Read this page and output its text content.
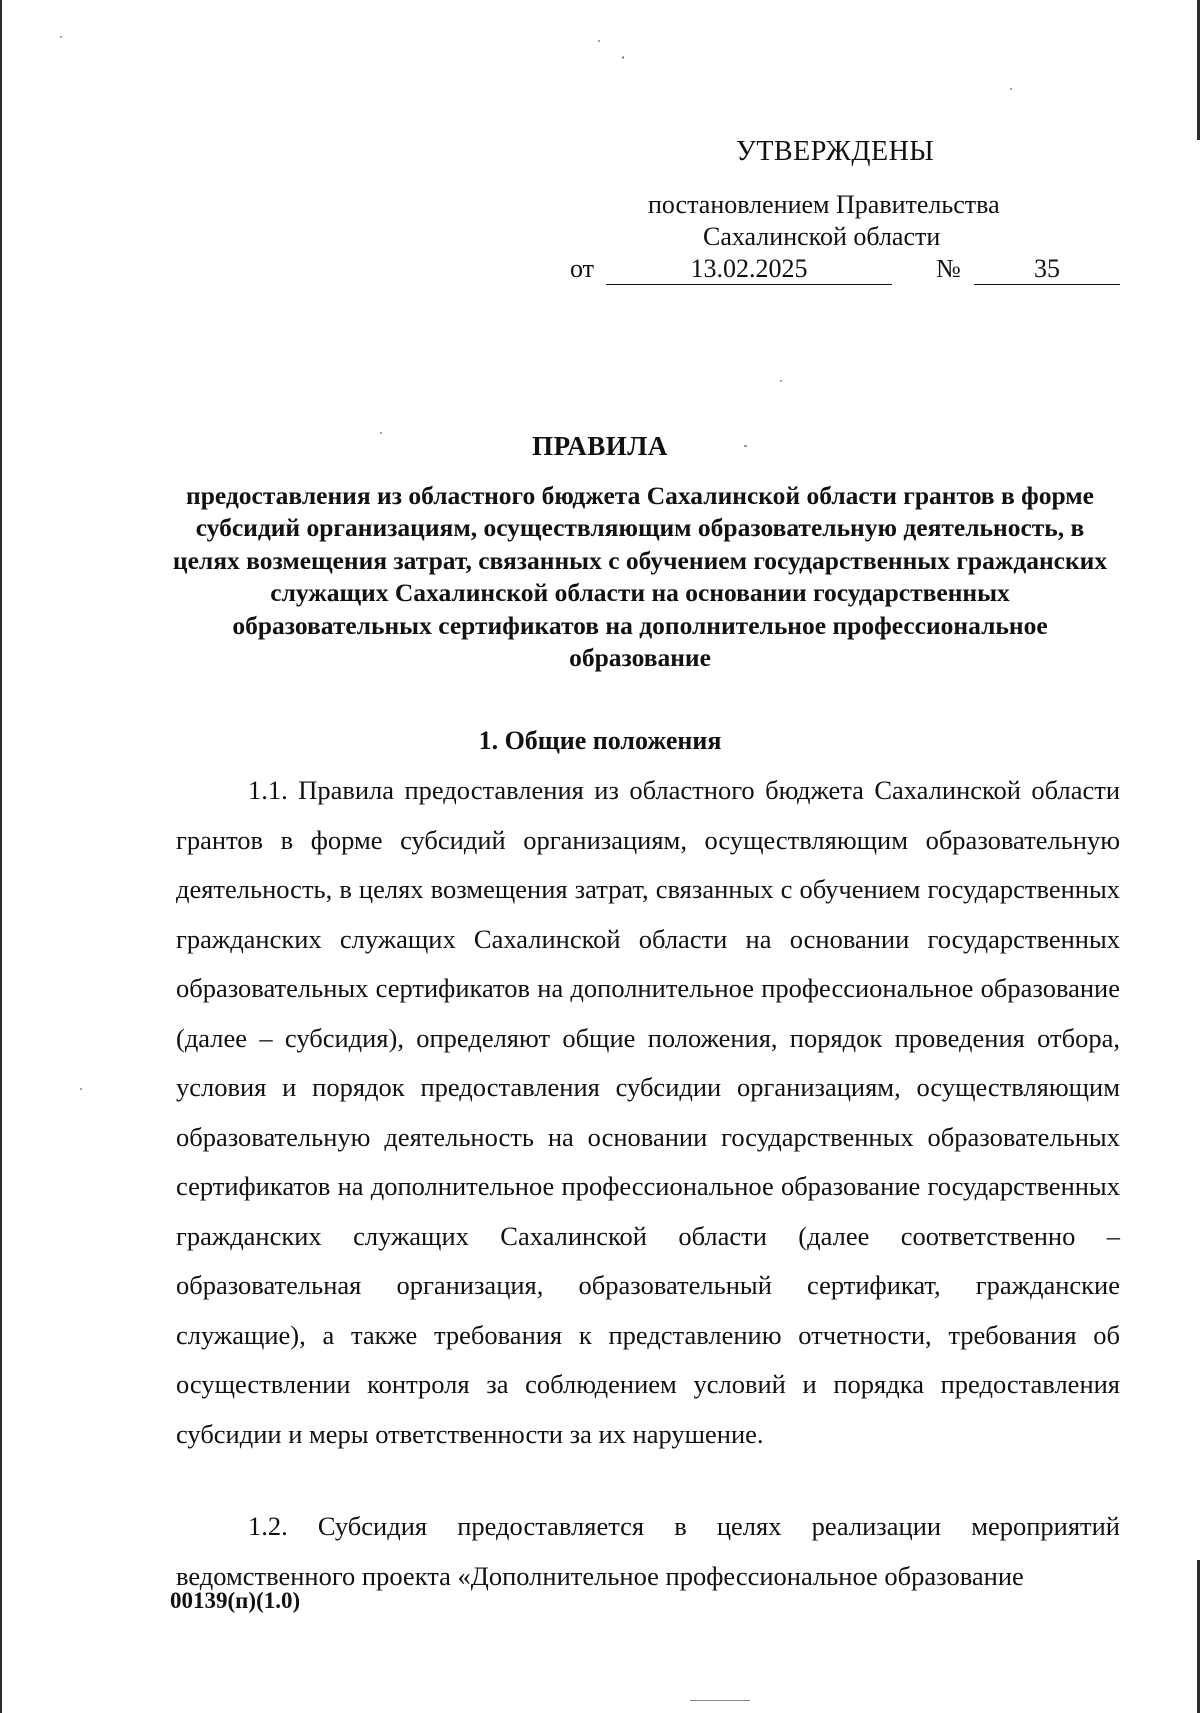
УТВЕРЖДЕНЫ
постановлением Правительства
Сахалинской области
от	13.02.2025	№	35
ПРАВИЛА
предоставления из областного бюджета Сахалинской области грантов в форме субсидий организациям, осуществляющим образовательную деятельность, в целях возмещения затрат, связанных с обучением государственных гражданских служащих Сахалинской области на основании государственных образовательных сертификатов на дополнительное профессиональное образование
1. Общие положения

1.1. Правила предоставления из областного бюджета Сахалинской области грантов в форме субсидий организациям, осуществляющим образовательную деятельность, в целях возмещения затрат, связанных с обучением государственных гражданских служащих Сахалинской области на основании государственных образовательных сертификатов на дополнительное профессиональное образование (далее – субсидия), определяют общие положения, порядок проведения отбора, условия и порядок предоставления субсидии организациям, осуществляющим образовательную деятельность на основании государственных образовательных сертификатов на дополнительное профессиональное образование государственных гражданских служащих Сахалинской области (далее соответственно – образовательная организация, образовательный сертификат, гражданские служащие), а также требования к представлению отчетности, требования об осуществлении контроля за соблюдением условий и порядка предоставления субсидии и меры ответственности за их нарушение.

1.2. Субсидия предоставляется в целях реализации мероприятий ведомственного проекта «Дополнительное профессиональное образование

00139(п)(1.0)
